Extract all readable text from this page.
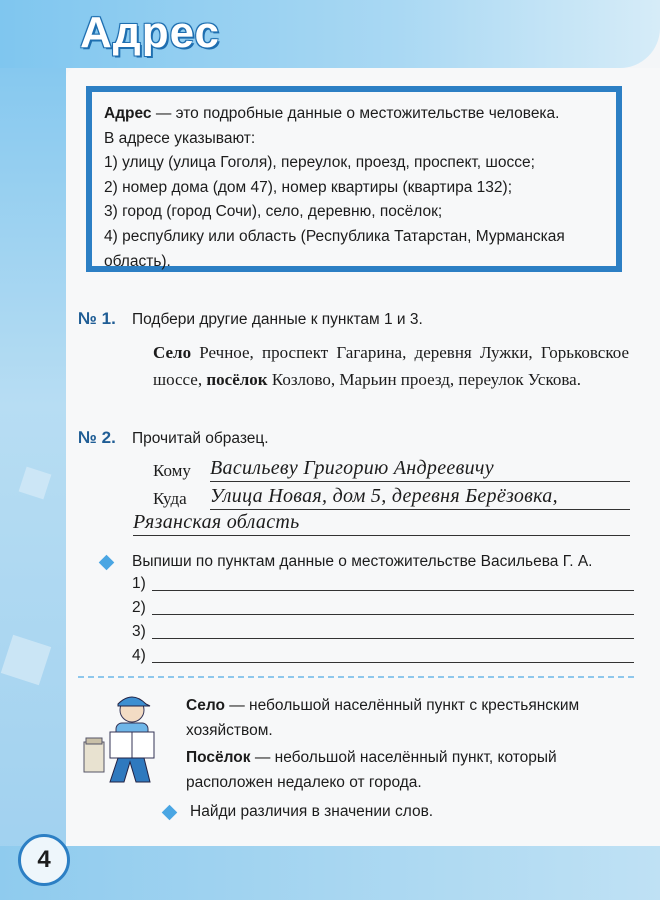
Адрес

Адрес — это подробные данные о местожительстве человека.

В адресе указывают:

1) улицу (улица Гоголя), переулок, проезд, проспект, шоссе;

2) номер дома (дом 47), номер квартиры (квартира 132);

3) город (город Сочи), село, деревню, посёлок;

4) республику или область (Республика Татарстан, Мурманская область).

№ 1. Подбери другие данные к пунктам 1 и 3.
Село Речное, проспект Гагарина, деревня Лужки, Горьковское шоссе, посёлок Козлово, Марьин проезд, переулок Ускова.
№ 2. Прочитай образец.
Кому Васильеву Григорию Андреевичу
Куда Улица Новая, дом 5, деревня Берёзовка,
Рязанская область
Выпиши по пунктам данные о местожительстве Васильева Г. А.
1)
2)
3)
4)

Село — небольшой населённый пункт с крестьянским хозяйством.

Посёлок — небольшой населённый пункт, который расположен недалеко от города.

Найди различия в значении слов.
4
